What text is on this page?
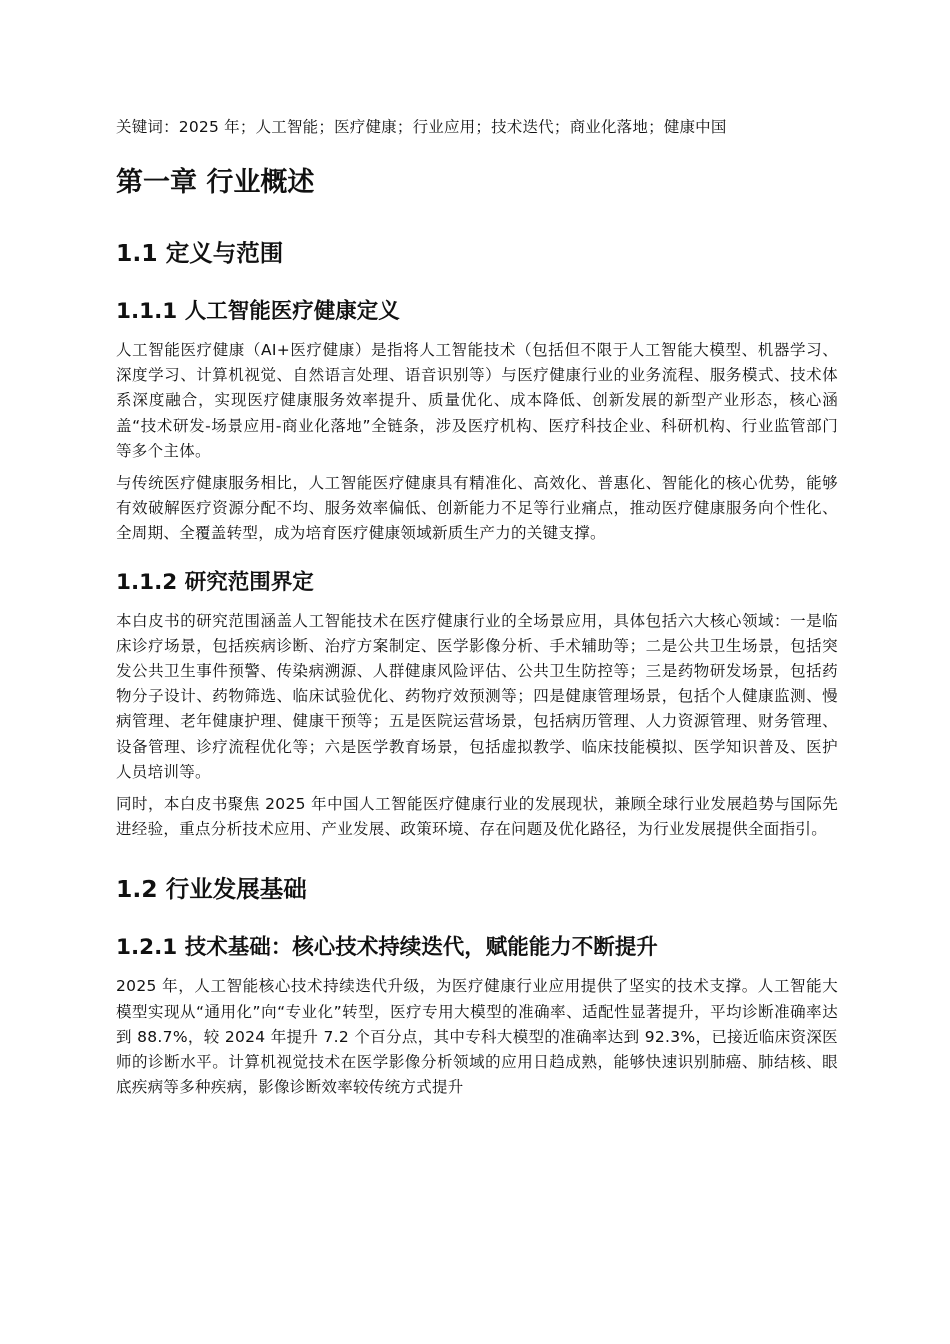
关键词：2025 年；人工智能；医疗健康；行业应用；技术迭代；商业化落地；健康中国

第一章 行业概述
1.1 定义与范围
1.1.1 人工智能医疗健康定义

人工智能医疗健康（AI+医疗健康）是指将人工智能技术（包括但不限于人工智能大模型、机器学习、深度学习、计算机视觉、自然语言处理、语音识别等）与医疗健康行业的业务流程、服务模式、技术体系深度融合，实现医疗健康服务效率提升、质量优化、成本降低、创新发展的新型产业形态，核心涵盖“技术研发-场景应用-商业化落地”全链条，涉及医疗机构、医疗科技企业、科研机构、行业监管部门等多个主体。

与传统医疗健康服务相比，人工智能医疗健康具有精准化、高效化、普惠化、智能化的核心优势，能够有效破解医疗资源分配不均、服务效率偏低、创新能力不足等行业痛点，推动医疗健康服务向个性化、全周期、全覆盖转型，成为培育医疗健康领域新质生产力的关键支撑。

1.1.2 研究范围界定

本白皮书的研究范围涵盖人工智能技术在医疗健康行业的全场景应用，具体包括六大核心领域：一是临床诊疗场景，包括疾病诊断、治疗方案制定、医学影像分析、手术辅助等；二是公共卫生场景，包括突发公共卫生事件预警、传染病溯源、人群健康风险评估、公共卫生防控等；三是药物研发场景，包括药物分子设计、药物筛选、临床试验优化、药物疗效预测等；四是健康管理场景，包括个人健康监测、慢病管理、老年健康护理、健康干预等；五是医院运营场景，包括病历管理、人力资源管理、财务管理、设备管理、诊疗流程优化等；六是医学教育场景，包括虚拟教学、临床技能模拟、医学知识普及、医护人员培训等。

同时，本白皮书聚焦 2025 年中国人工智能医疗健康行业的发展现状，兼顾全球行业发展趋势与国际先进经验，重点分析技术应用、产业发展、政策环境、存在问题及优化路径，为行业发展提供全面指引。

1.2 行业发展基础
1.2.1 技术基础：核心技术持续迭代，赋能能力不断提升

2025 年，人工智能核心技术持续迭代升级，为医疗健康行业应用提供了坚实的技术支撑。人工智能大模型实现从“通用化”向“专业化”转型，医疗专用大模型的准确率、适配性显著提升，平均诊断准确率达到 88.7%，较 2024 年提升 7.2 个百分点，其中专科大模型的准确率达到 92.3%，已接近临床资深医师的诊断水平。计算机视觉技术在医学影像分析领域的应用日趋成熟，能够快速识别肺癌、肺结核、眼底疾病等多种疾病，影像诊断效率较传统方式提升
